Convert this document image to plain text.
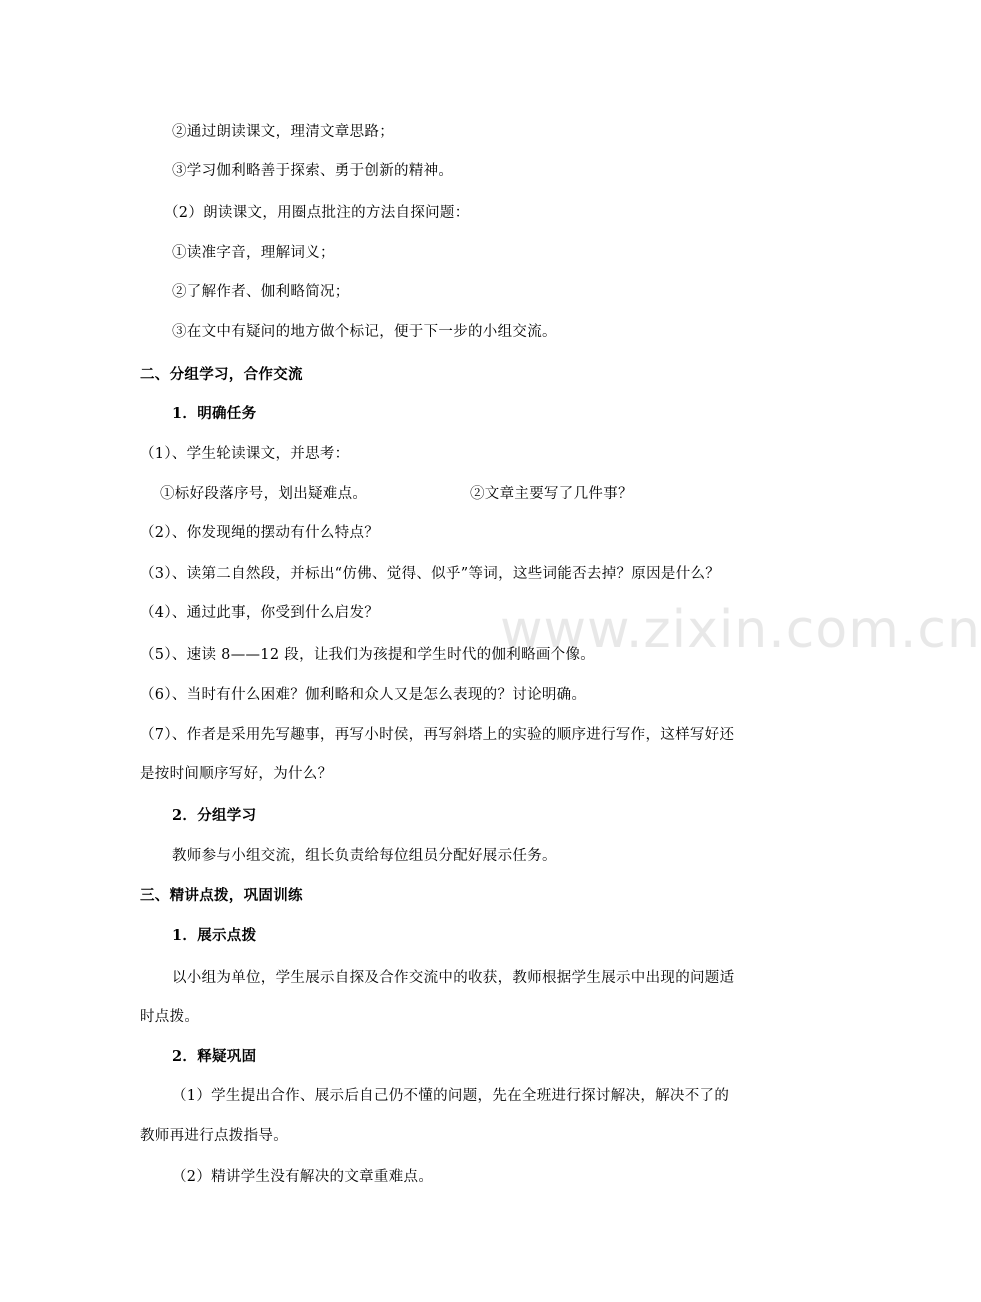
www.zixin.com.cn
②通过朗读课文，理清文章思路；
③学习伽利略善于探索、勇于创新的精神。
（2）朗读课文，用圈点批注的方法自探问题：
①读准字音，理解词义；
②了解作者、伽利略简况；
③在文中有疑问的地方做个标记，便于下一步的小组交流。
二、分组学习，合作交流
1．明确任务
（1）、学生轮读课文，并思考：
①标好段落序号，划出疑难点。	②文章主要写了几件事？
（2）、你发现绳的摆动有什么特点？
（3）、读第二自然段，并标出“仿佛、觉得、似乎”等词，这些词能否去掉？原因是什么？
（4）、通过此事，你受到什么启发？
（5）、速读 8——12 段，让我们为孩提和学生时代的伽利略画个像。
（6）、当时有什么困难？伽利略和众人又是怎么表现的？讨论明确。
（7）、作者是采用先写趣事，再写小时侯，再写斜塔上的实验的顺序进行写作，这样写好还
是按时间顺序写好，为什么？
2．分组学习
教师参与小组交流，组长负责给每位组员分配好展示任务。
三、精讲点拨，巩固训练
1．展示点拨
以小组为单位，学生展示自探及合作交流中的收获，教师根据学生展示中出现的问题适
时点拨。
2．释疑巩固
（1）学生提出合作、展示后自己仍不懂的问题，先在全班进行探讨解决，解决不了的
教师再进行点拨指导。
（2）精讲学生没有解决的文章重难点。
